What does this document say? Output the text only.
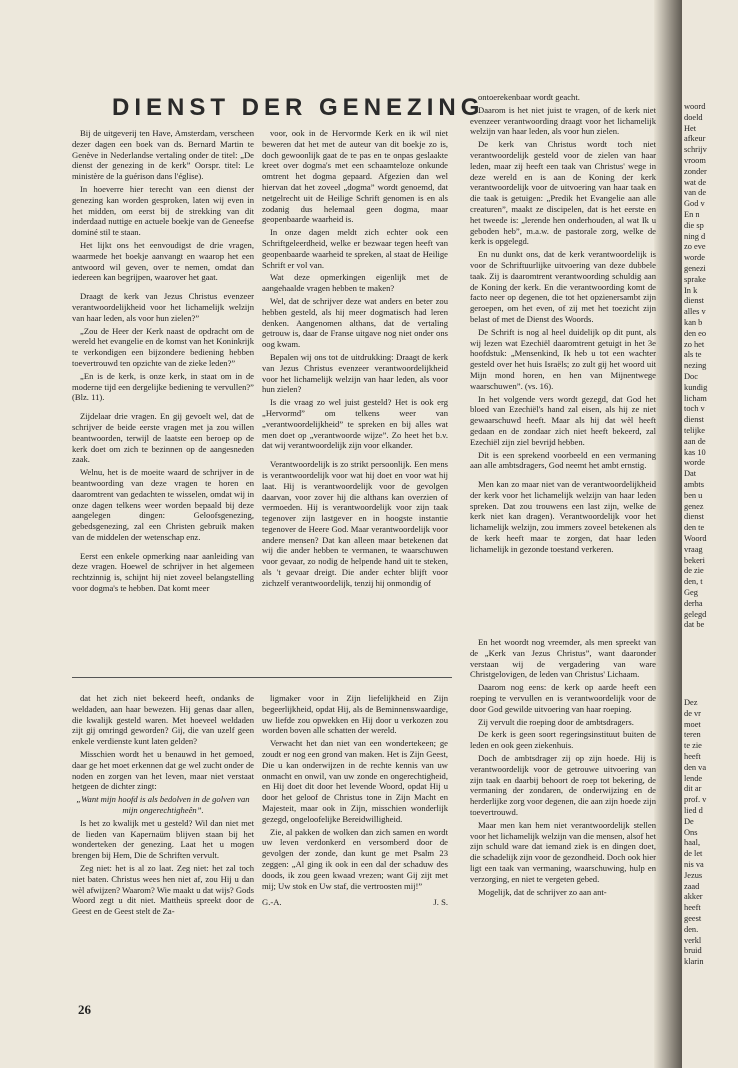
DIENST DER GENEZING

Bij de uitgeverij ten Have, Amsterdam, verscheen dezer dagen een boek van ds. Bernard Martin te Genève in Nederlandse vertaling onder de titel: „De dienst der genezing in de kerk” Oorspr. titel: Le ministère de la guérison dans l'église).

In hoeverre hier terecht van een dienst der genezing kan worden gesproken, laten wij even in het midden, om eerst bij de strekking van dit inderdaad nuttige en actuele boekje van de Geneefse dominé stil te staan.

Het lijkt ons het eenvoudigst de drie vragen, waarmede het boekje aanvangt en waarop het een antwoord wil geven, over te nemen, omdat dan iedereen kan begrijpen, waarover het gaat.

Draagt de kerk van Jezus Christus evenzeer verantwoordelijkheid voor het lichamelijk welzijn van haar leden, als voor hun zielen?”

„Zou de Heer der Kerk naast de opdracht om de wereld het evangelie en de komst van het Koninkrijk te verkondigen een bijzondere bediening hebben toevertrouwd ten opzichte van de zieke leden?”

„En is de kerk, is onze kerk, in staat om in de moderne tijd een dergelijke bediening te vervullen?” (Blz. 11).

Zijdelaar drie vragen. En gij gevoelt wel, dat de schrijver de beide eerste vragen met ja zou willen beantwoorden, terwijl de laatste een beroep op de kerk doet om zich te bezinnen op de aangesneden zaak.

Welnu, het is de moeite waard de schrijver in de beantwoording van deze vragen te horen en daaromtrent van gedachten te wisselen, omdat wij in onze dagen telkens weer worden bepaald bij deze aangelegen dingen: Geloofsgenezing, gebedsgenezing, zal een Christen gebruik maken van de middelen der wetenschap enz.

Eerst een enkele opmerking naar aanleiding van deze vragen. Hoewel de schrijver in het algemeen rechtzinnig is, schijnt hij niet zoveel belangstelling voor dogma's te hebben. Dat komt meer

voor, ook in de Hervormde Kerk en ik wil niet beweren dat het met de auteur van dit boekje zo is, doch gewoonlijk gaat de te pas en te onpas geslaakte kreet over dogma's met een schaamteloze onkunde omtrent het dogma gepaard. Afgezien dan wel hiervan dat het zoveel „dogma” wordt genoemd, dat netgelrecht uit de Heilige Schrift genomen is en als zodanig dus helemaal geen dogma, maar geopenbaarde waarheid is.

In onze dagen meldt zich echter ook een Schriftgeleerdheid, welke er bezwaar tegen heeft van geopenbaarde waarheid te spreken, al staat de Heilige Schrift er vol van.

Wat deze opmerkingen eigenlijk met de aangehaalde vragen hebben te maken?

Wel, dat de schrijver deze wat anders en beter zou hebben gesteld, als hij meer dogmatisch had leren denken. Aangenomen althans, dat de vertaling getrouw is, daar de Franse uitgave nog niet onder ons oog kwam.

Bepalen wij ons tot de uitdrukking: Draagt de kerk van Jezus Christus evenzeer verantwoordelijkheid voor het lichamelijk welzijn van haar leden, als voor hun zielen?

Is die vraag zo wel juist gesteld? Het is ook erg „Hervormd” om telkens weer van „verantwoordelijkheid” te spreken en bij alles wat men doet op „verantwoorde wijze”. Zo heet het b.v. dat wij verantwoordelijk zijn voor elkander.

Verantwoordelijk is zo strikt persoonlijk. Een mens is verantwoordelijk voor wat hij doet en voor wat hij laat. Hij is verantwoordelijk voor de gevolgen daarvan, voor zover hij die althans kan overzien of vermoeden. Hij is verantwoordelijk voor zijn taak tegenover zijn lastgever en in hoogste instantie tegenover de Heere God. Maar verantwoordelijk voor andere mensen? Dat kan alleen maar betekenen dat wij die ander hebben te vermanen, te waarschuwen voor gevaar, zo nodig de helpende hand uit te steken, als 't gevaar dreigt. Die ander echter blijft voor zichzelf verantwoordelijk, tenzij hij onmondig of

ontoerekenbaar wordt geacht.

Daarom is het niet juist te vragen, of de kerk niet evenzeer verantwoording draagt voor het lichamelijk welzijn van haar leden, als voor hun zielen.

De kerk van Christus wordt toch niet verantwoordelijk gesteld voor de zielen van haar leden, maar zij heeft een taak van Christus' wege in deze wereld en is aan de Koning der kerk verantwoordelijk voor de uitvoering van haar taak en die taak is getuigen: „Predik het Evangelie aan alle creaturen”, maakt ze discipelen, dat is het eerste en het tweede is: „lerende hen onderhouden, al wat Ik u geboden heb”, m.a.w. de pastorale zorg, welke de kerk is opgelegd.

En nu dunkt ons, dat de kerk verantwoordelijk is voor de Schriftuurlijke uitvoering van deze dubbele taak. Zij is daaromtrent verantwoording schuldig aan de Koning der kerk. En die verantwoording komt de facto neer op degenen, die tot het opzienersambt zijn geroepen, om het even, of zij met het toezicht zijn belast of met de Dienst des Woords.

De Schrift is nog al heel duidelijk op dit punt, als wij lezen wat Ezechiël daaromtrent getuigt in het 3e hoofdstuk: „Mensenkind, Ik heb u tot een wachter gesteld over het huis Israëls; zo zult gij het woord uit Mijn mond horen, en hen van Mijnentwege waarschuwen”. (vs. 16).

In het volgende vers wordt gezegd, dat God het bloed van Ezechiël's hand zal eisen, als hij ze niet gewaarschuwd heeft. Maar als hij dat wèl heeft gedaan en de zondaar zich niet heeft bekeerd, zal Ezechiël zijn ziel bevrijd hebben.

Dit is een sprekend voorbeeld en een vermaning aan alle ambtsdragers, God neemt het ambt ernstig.

Men kan zo maar niet van de verantwoordelijkheid der kerk voor het lichamelijk welzijn van haar leden spreken. Dat zou trouwens een last zijn, welke de kerk niet kan dragen). Verantwoordelijk voor het lichamelijk welzijn, zou immers zoveel betekenen als de kerk heeft maar te zorgen, dat haar leden lichamelijk in gezonde toestand verkeren.

dat het zich niet bekeerd heeft, ondanks de weldaden, aan haar bewezen. Hij genas daar allen, die kwalijk gesteld waren. Met hoeveel weldaden zijt gij omringd geworden? Gij, die van uzelf geen enkele verdienste kunt laten gelden?

Misschien wordt het u benauwd in het gemoed, daar ge het moet erkennen dat ge wel zucht onder de noden en zorgen van het leven, maar niet verstaat hetgeen de dichter zingt:

„Want mijn hoofd is als bedolven in de golven van mijn ongerechtigheên”.

Is het zo kwalijk met u gesteld? Wil dan niet met de lieden van Kapernaüm blijven staan bij het wonderteken der genezing. Laat het u mogen brengen bij Hem, Die de Schriften vervult.

Zeg niet: het is al zo laat. Zeg niet: het zal toch niet baten. Christus wees hen niet af, zou Hij u dan wèl afwijzen? Waarom? Wie maakt u dat wijs? Gods Woord zegt u dit niet. Mattheüs spreekt door de Geest en de Geest stelt de Za-

ligmaker voor in Zijn liefelijkheid en Zijn begeerlijkheid, opdat Hij, als de Beminnenswaardige, uw liefde zou opwekken en Hij door u verkozen zou worden boven alle schatten der wereld.

Verwacht het dan niet van een wondertekeen; ge zoudt er nog een grond van maken. Het is Zijn Geest, Die u kan onderwijzen in de rechte kennis van uw onmacht en onwil, van uw zonde en ongerechtigheid, en Hij doet dit door het levende Woord, opdat Hij u door het geloof de Christus tone in Zijn Macht en Majesteit, maar ook in Zijn, misschien wonderlijk gezegd, ongeloofelijke Bereidwilligheid.

Zie, al pakken de wolken dan zich samen en wordt uw leven verdonkerd en versomberd door de gevolgen der zonde, dan kunt ge met Psalm 23 zeggen: „Al ging ik ook in een dal der schaduw des doods, ik zou geen kwaad vrezen; want Gij zijt met mij; Uw stok en Uw staf, die vertroosten mij!”

G.-A.	J. S.

En het woordt nog vreemder, als men spreekt van de „Kerk van Jezus Christus”, want daaronder verstaan wij de vergadering van ware Christgelovigen, de leden van Christus' Lichaam.

Daarom nog eens: de kerk op aarde heeft een roeping te vervullen en is verantwoordelijk voor de door God gewilde uitvoering van haar roeping.

Zij vervult die roeping door de ambtsdragers.

De kerk is geen soort regeringsinstituut buiten de leden en ook geen ziekenhuis.

Doch de ambtsdrager zij op zijn hoede. Hij is verantwoordelijk voor de getrouwe uitvoering van zijn taak en daarbij behoort de roep tot bekering, de vermaning der zondaren, de onderwijzing en de herderlijke zorg voor degenen, die aan zijn hoede zijn toevertrouwd.

Maar men kan hem niet verantwoordelijk stellen voor het lichamelijk welzijn van die mensen, alsof het zijn schuld ware dat iemand ziek is en dingen doet, die schadelijk zijn voor de gezondheid. Doch ook hier ligt een taak van vermaning, waarschuwing, hulp en verzorging, en niet te vergeten gebed.

Mogelijk, dat de schrijver zo aan ant-

26
woord
doeld
Het
afkeur
schrijv
vroom
zonder
wat de
van de
God v
En n
die sp
ning d
zo eve
worde
genezi
sprake
In k
dienst
alles v
kan b
den eo
zo het
als te
nezing
Doc
kundig
licham
toch v
dienst
telijke
aan de
kas 10
worde
Dat
ambts
ben u
genez
dienst
den te
Woord
vraag
bekeri
de zie
den, t
Geg
derha
gelegd
dat be
Dez
de vr
moet
teren
te zie
heeft
den va
lende
dit ar
prof. v
lied d
De
Ons
haal,
de let
nis va
Jezus
zaad
akker
heeft
geest
den.
verkl
bruid
klarin
